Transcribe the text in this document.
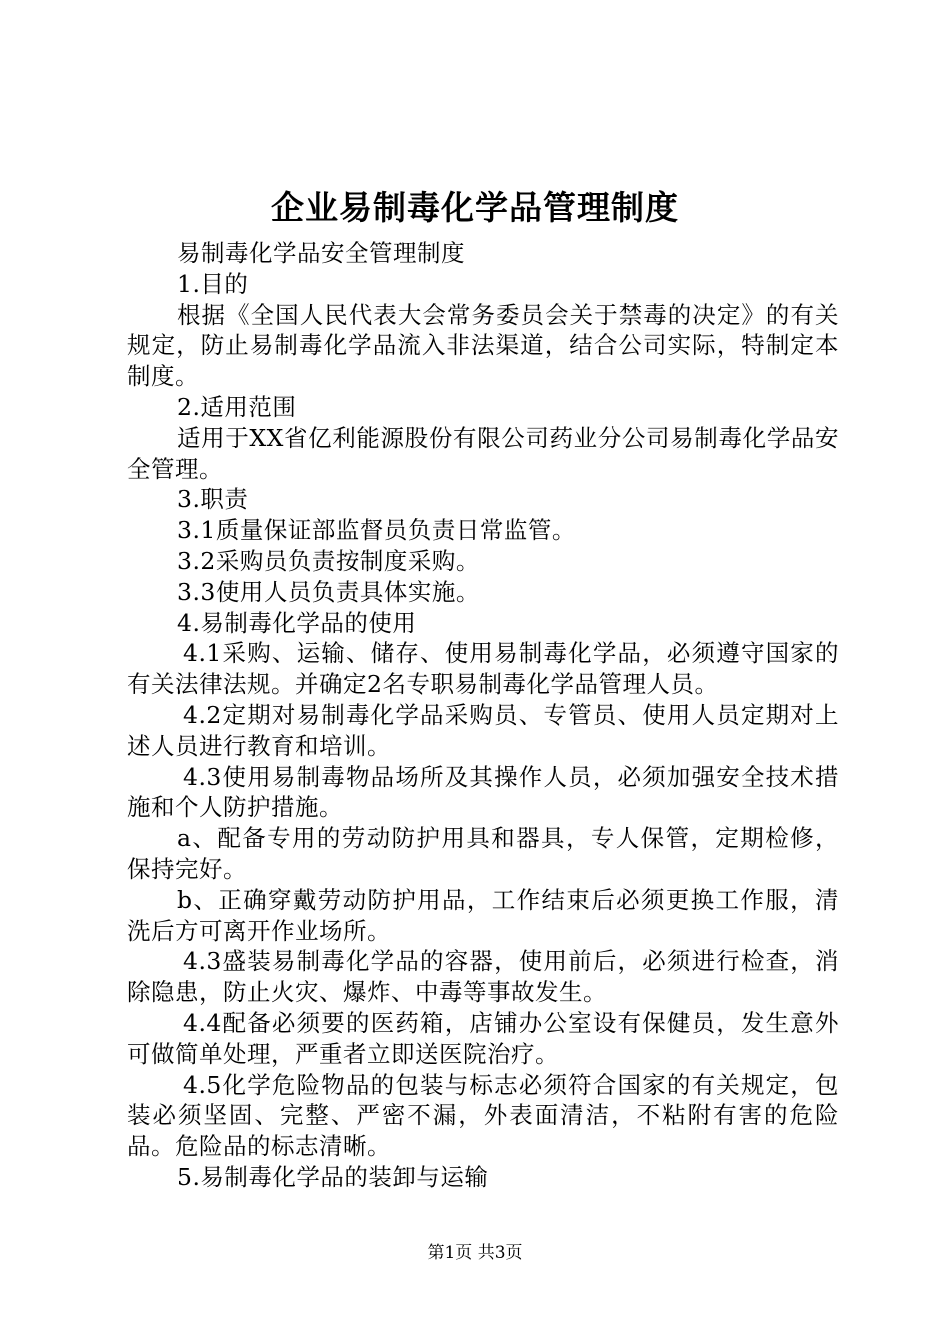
企业易制毒化学品管理制度

易制毒化学品安全管理制度

1.目的

根据《全国人民代表大会常务委员会关于禁毒的决定》的有关规定，防止易制毒化学品流入非法渠道，结合公司实际，特制定本制度。

2.适用范围

适用于XX省亿利能源股份有限公司药业分公司易制毒化学品安全管理。

3.职责

3.1质量保证部监督员负责日常监管。

3.2采购员负责按制度采购。

3.3使用人员负责具体实施。

4.易制毒化学品的使用

4.1采购、运输、储存、使用易制毒化学品，必须遵守国家的有关法律法规。并确定2名专职易制毒化学品管理人员。

4.2定期对易制毒化学品采购员、专管员、使用人员定期对上述人员进行教育和培训。

4.3使用易制毒物品场所及其操作人员，必须加强安全技术措施和个人防护措施。

a、配备专用的劳动防护用具和器具，专人保管，定期检修，保持完好。

b、正确穿戴劳动防护用品，工作结束后必须更换工作服，清洗后方可离开作业场所。

4.3盛装易制毒化学品的容器，使用前后，必须进行检查，消除隐患，防止火灾、爆炸、中毒等事故发生。

4.4配备必须要的医药箱，店铺办公室设有保健员，发生意外可做简单处理，严重者立即送医院治疗。

4.5化学危险物品的包装与标志必须符合国家的有关规定，包装必须坚固、完整、严密不漏，外表面清洁，不粘附有害的危险品。危险品的标志清晰。

5.易制毒化学品的装卸与运输

第1页 共3页
